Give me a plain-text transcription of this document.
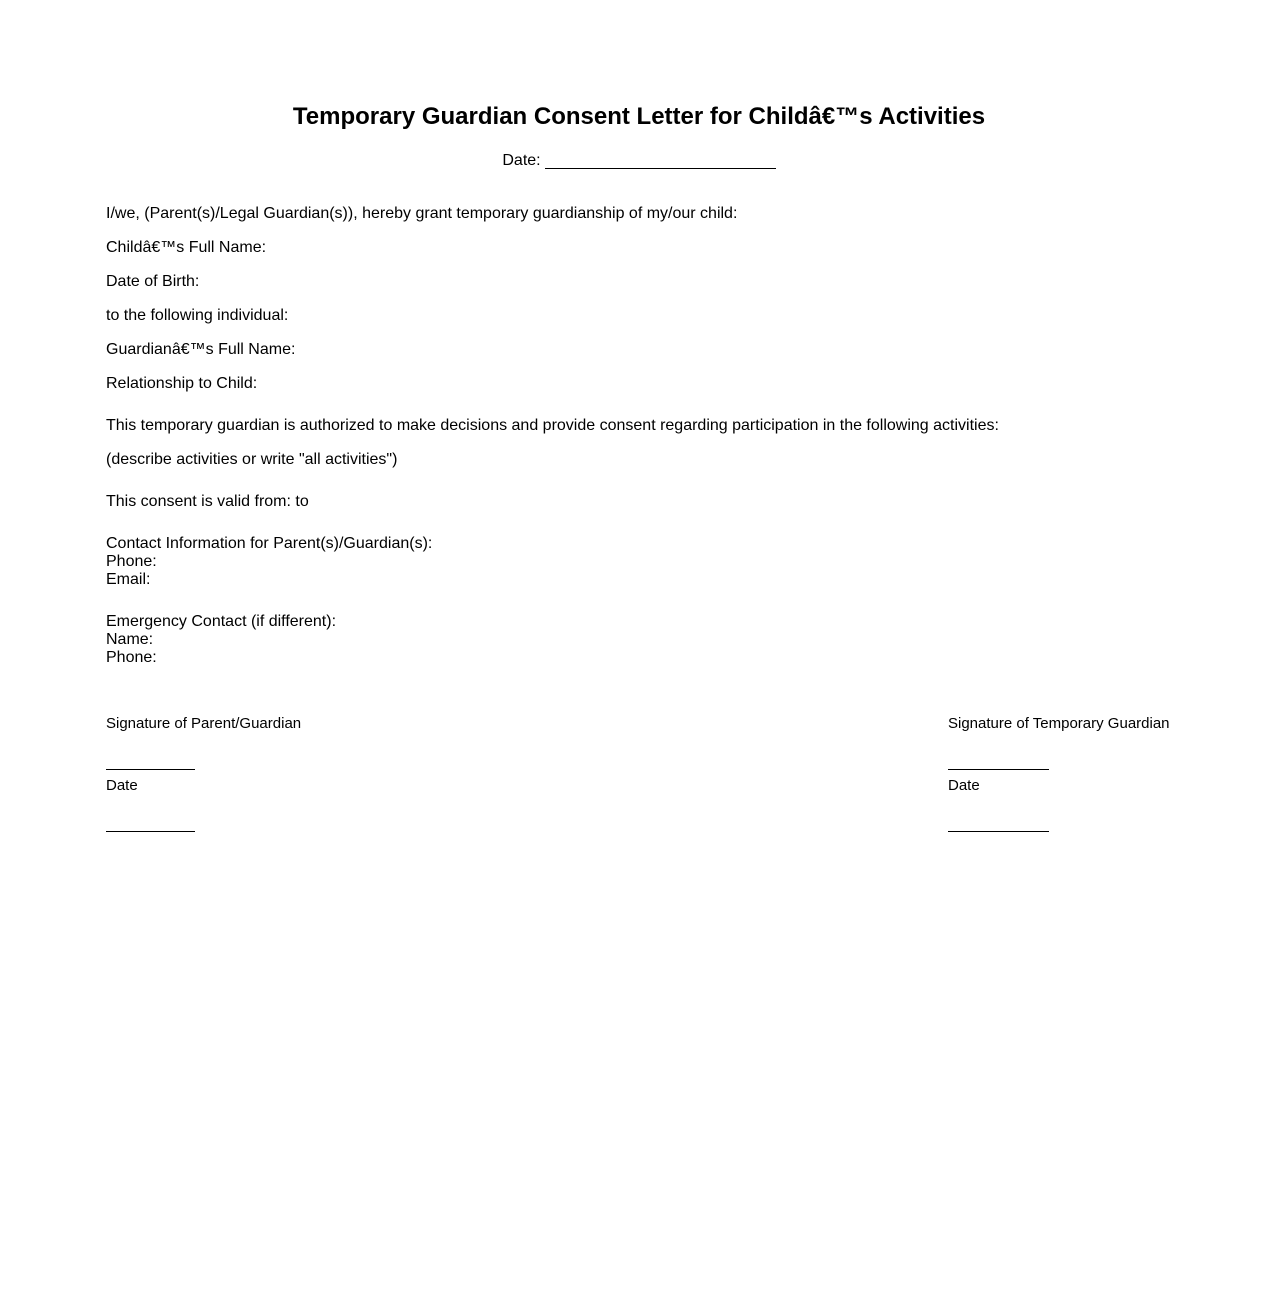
Temporary Guardian Consent Letter for Childâ€™s Activities
Date:
I/we, (Parent(s)/Legal Guardian(s)), hereby grant temporary guardianship of my/our child:
Childâ€™s Full Name:
Date of Birth:
to the following individual:
Guardianâ€™s Full Name:
Relationship to Child:
This temporary guardian is authorized to make decisions and provide consent regarding participation in the following activities:
(describe activities or write "all activities")
This consent is valid from: to
Contact Information for Parent(s)/Guardian(s):
Phone:
Email:
Emergency Contact (if different):
Name:
Phone:
Signature of Parent/Guardian
Date
Signature of Temporary Guardian
Date
